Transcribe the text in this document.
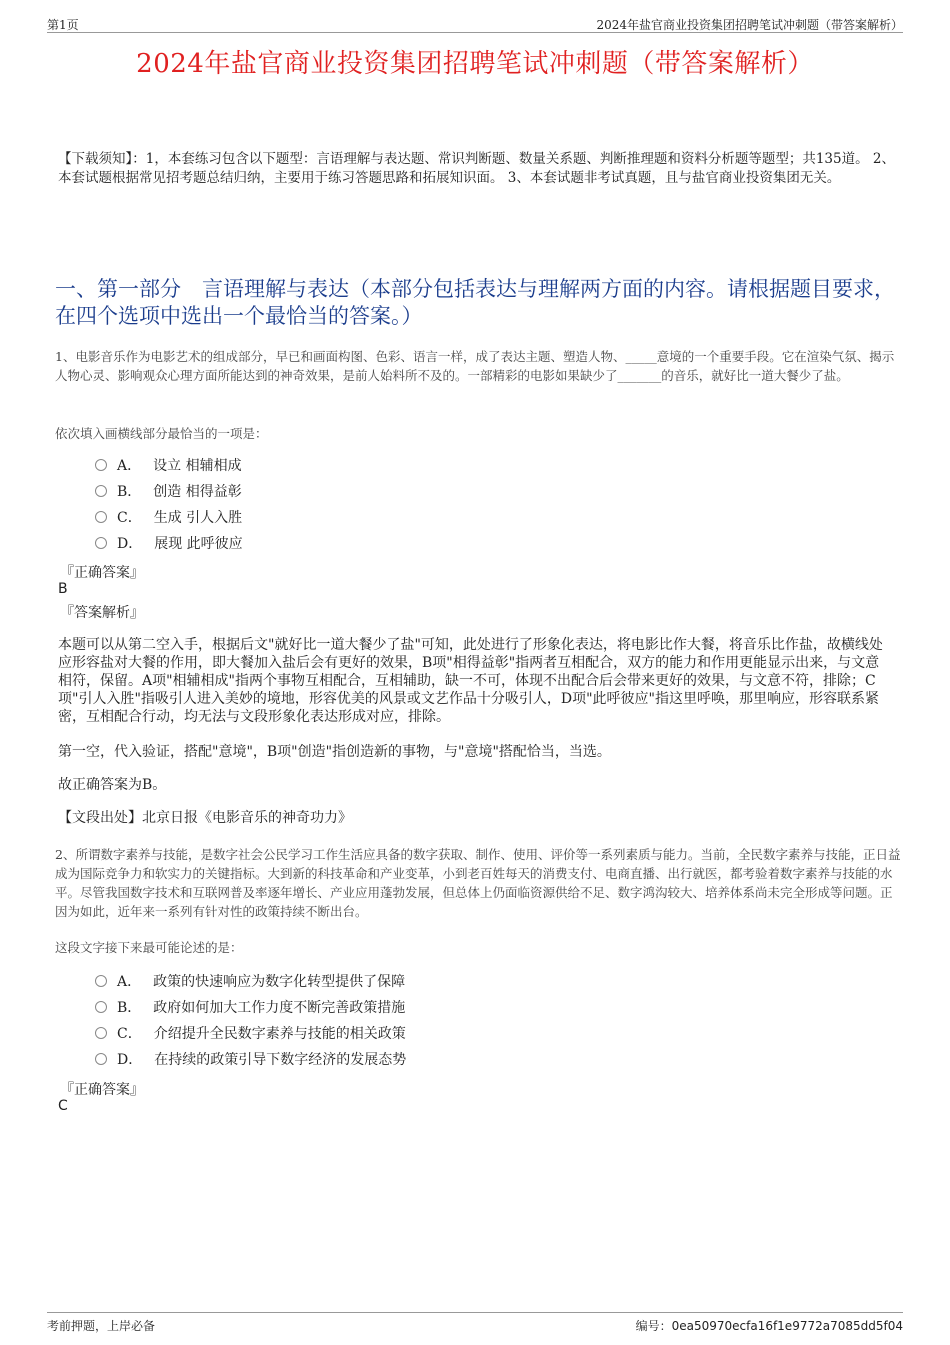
第1页	2024年盐官商业投资集团招聘笔试冲刺题（带答案解析）
2024年盐官商业投资集团招聘笔试冲刺题（带答案解析）
【下载须知】：1，本套练习包含以下题型：言语理解与表达题、常识判断题、数量关系题、判断推理题和资料分析题等题型；共135道。 2、本套试题根据常见招考题总结归纳，主要用于练习答题思路和拓展知识面。 3、本套试题非考试真题，且与盐官商业投资集团无关。
一、第一部分　言语理解与表达（本部分包括表达与理解两方面的内容。请根据题目要求，在四个选项中选出一个最恰当的答案。）
1、电影音乐作为电影艺术的组成部分，早已和画面构图、色彩、语言一样，成了表达主题、塑造人物、_____意境的一个重要手段。它在渲染气氛、揭示人物心灵、影响观众心理方面所能达到的神奇效果，是前人始料所不及的。一部精彩的电影如果缺少了_______的音乐，就好比一道大餐少了盐。
依次填入画横线部分最恰当的一项是：
A． 设立 相辅相成
B． 创造 相得益彰
C． 生成 引人入胜
D． 展现 此呼彼应
『正确答案』
B
『答案解析』
本题可以从第二空入手，根据后文"就好比一道大餐少了盐"可知，此处进行了形象化表达，将电影比作大餐，将音乐比作盐，故横线处应形容盐对大餐的作用，即大餐加入盐后会有更好的效果，B项"相得益彰"指两者互相配合，双方的能力和作用更能显示出来，与文意相符，保留。A项"相辅相成"指两个事物互相配合，互相辅助，缺一不可，体现不出配合后会带来更好的效果，与文意不符，排除；C项"引人入胜"指吸引人进入美妙的境地，形容优美的风景或文艺作品十分吸引人，D项"此呼彼应"指这里呼唤，那里响应，形容联系紧密，互相配合行动，均无法与文段形象化表达形成对应，排除。
第一空，代入验证，搭配"意境"，B项"创造"指创造新的事物，与"意境"搭配恰当，当选。
故正确答案为B。
【文段出处】北京日报《电影音乐的神奇功力》
2、所谓数字素养与技能，是数字社会公民学习工作生活应具备的数字获取、制作、使用、评价等一系列素质与能力。当前，全民数字素养与技能，正日益成为国际竞争力和软实力的关键指标。大到新的科技革命和产业变革，小到老百姓每天的消费支付、电商直播、出行就医，都考验着数字素养与技能的水平。尽管我国数字技术和互联网普及率逐年增长、产业应用蓬勃发展，但总体上仍面临资源供给不足、数字鸿沟较大、培养体系尚未完全形成等问题。正因为如此，近年来一系列有针对性的政策持续不断出台。
这段文字接下来最可能论述的是：
A． 政策的快速响应为数字化转型提供了保障
B． 政府如何加大工作力度不断完善政策措施
C． 介绍提升全民数字素养与技能的相关政策
D． 在持续的政策引导下数字经济的发展态势
『正确答案』
C
考前押题，上岸必备	编号：0ea50970ecfa16f1e9772a7085dd5f04
